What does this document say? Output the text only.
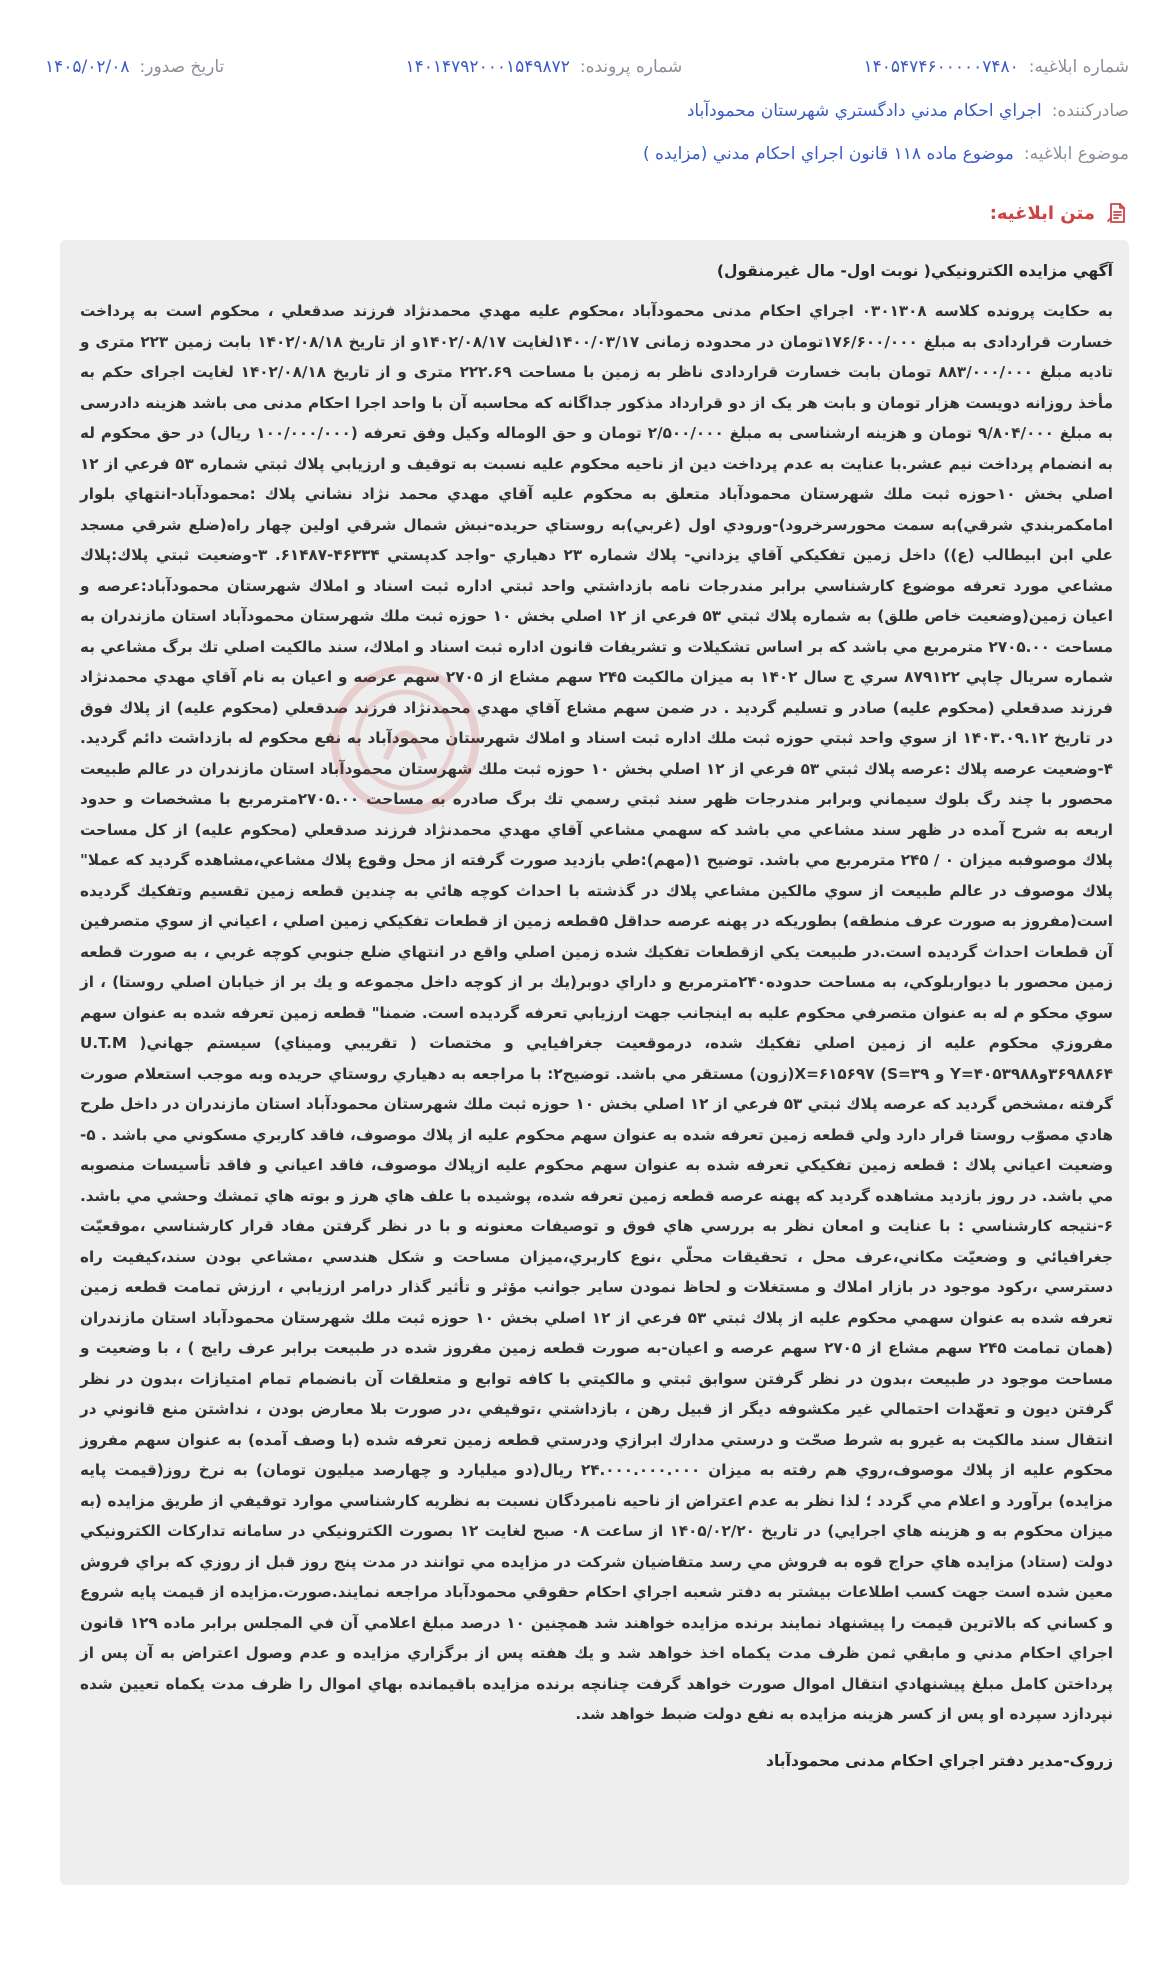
شماره ابلاغیه:
۱۴۰۵۴۷۴۶۰۰۰۰۰۷۴۸۰
شماره پرونده:
۱۴۰۱۴۷۹۲۰۰۰۱۵۴۹۸۷۲
تاریخ صدور:
۱۴۰۵/۰۲/۰۸
صادرکننده:
اجراي احكام مدني دادگستري شهرستان محمودآباد
موضوع ابلاغیه:
موضوع ماده ۱۱۸ قانون اجراي احكام مدني (مزايده )
متن ابلاغیه:
آگهي مزايده الكترونيكي( نوبت اول- مال غيرمنقول)

به حكايت پرونده كلاسه ۰۳۰۱۳۰۸ اجراي احكام مدنی محمودآباد ،محکوم علیه مهدي محمدنژاد فرزند صدقعلي ، محكوم است به پرداخت خسارت قراردادی به مبلغ ۱۷۶/۶۰۰/۰۰۰تومان در محدوده زمانی ۱۴۰۰/۰۳/۱۷لغایت ۱۴۰۲/۰۸/۱۷و از تاریخ ۱۴۰۲/۰۸/۱۸ بابت زمین ۲۲۳ متری و تادیه مبلغ ۸۸۳/۰۰۰/۰۰۰ تومان بابت خسارت قراردادی ناظر به زمین با مساحت ۲۲۲.۶۹ متری و از تاریخ ۱۴۰۲/۰۸/۱۸ لغایت اجرای حکم به مأخذ روزانه دویست هزار تومان و بابت هر یک از دو قرارداد مذکور جداگانه که محاسبه آن با واحد اجرا احکام مدنی می باشد هزینه دادرسی به مبلغ ۹/۸۰۴/۰۰۰ تومان و هزینه ارشناسی به مبلغ ۲/۵۰۰/۰۰۰ تومان و حق الوماله وکیل وفق تعرفه (۱۰۰/۰۰۰/۰۰۰ ریال) در حق محکوم له به انضمام پرداخت نیم عشر.با عنايت به عدم پرداخت دين از ناحيه محكوم عليه نسبت به توقيف و ارزيابي پلاك ثبتي شماره ۵۳ فرعي از ۱۲ اصلي بخش ۱۰حوزه ثبت ملك شهرستان محمودآباد متعلق به محكوم عليه آقاي مهدي محمد نژاد نشاني پلاك :محمودآباد-انتهاي بلوار امامكمربندي شرقي)به سمت محورسرخرود)-ورودي اول (غربي)به روستاي حريده-نبش شمال شرقي اولين چهار راه(ضلع شرقي مسجد علي ابن ابيطالب (ع)) داخل زمين تفكيكي آقاي يزداني- پلاك شماره ۲۳ دهياري -واجد كدپستي ۴۶۳۳۴-۶۱۴۸۷. ۳-وضعيت ثبتي پلاك:پلاك مشاعي مورد تعرفه موضوع كارشناسي برابر مندرجات نامه بازداشتي واحد ثبتي اداره ثبت اسناد و املاك شهرستان محمودآباد:عرصه و اعيان زمين(وضعيت خاص طلق) به شماره پلاك ثبتي ۵۳ فرعي از ۱۲ اصلي بخش ۱۰ حوزه ثبت ملك شهرستان محمودآباد استان مازندران به مساحت ۲۷۰۵.۰۰ مترمربع مي باشد كه بر اساس تشكيلات و تشريفات قانون اداره ثبت اسناد و املاك، سند مالكيت اصلي تك برگ مشاعي به شماره سريال چاپي ۸۷۹۱۲۲ سري ج سال ۱۴۰۲ به ميزان مالكيت ۲۴۵ سهم مشاع از ۲۷۰۵ سهم عرصه و اعيان به نام آقاي مهدي محمدنژاد فرزند صدقعلي (محكوم عليه) صادر و تسليم گرديد . در ضمن سهم مشاع آقاي مهدي محمدنژاد فرزند صدقعلي (محكوم عليه) از پلاك فوق در تاريخ ۱۴۰۳.۰۹.۱۲ از سوي واحد ثبتي حوزه ثبت ملك اداره ثبت اسناد و املاك شهرستان محمودآباد به نفع محكوم له بازداشت دائم گرديد. ۴-وضعيت عرصه پلاك :عرصه پلاك ثبتي ۵۳ فرعي از ۱۲ اصلي بخش ۱۰ حوزه ثبت ملك شهرستان محمودآباد استان مازندران در عالم طبيعت محصور با چند رگ بلوك سيماني وبرابر مندرجات ظهر سند ثبتي رسمي تك برگ صادره به مساحت ۲۷۰۵.۰۰مترمربع با مشخصات و حدود اربعه به شرح آمده در ظهر سند مشاعي مي باشد كه سهمي مشاعي آقاي مهدي محمدنژاد فرزند صدقعلي (محكوم عليه) از كل مساحت پلاك موصوفبه ميزان ۰ / ۲۴۵ مترمربع مي باشد. توضيح ۱(مهم):طي بازديد صورت گرفته از محل وقوع پلاك مشاعي،مشاهده گرديد كه عملا" پلاك موصوف در عالم طبيعت از سوي مالكين مشاعي پلاك در گذشته با احداث كوچه هائي به چندين قطعه زمين تقسيم وتفكيك گرديده است(مفروز به صورت عرف منطقه) بطوريكه در پهنه عرصه حداقل ۵قطعه زمين از قطعات تفكيكي زمين اصلي ، اعياني از سوي متصرفين آن قطعات احداث گرديده است.در طبيعت يكي ازقطعات تفكيك شده زمين اصلي واقع در انتهاي ضلع جنوبي كوچه غربي ، به صورت قطعه زمين محصور با ديواربلوكي، به مساحت حدوده۲۴۰مترمربع و داراي دوبر(يك بر از كوچه داخل مجموعه و يك بر از خيابان اصلي روستا) ، از سوي محكو م له به عنوان متصرفي محكوم عليه به اينجانب جهت ارزيابي تعرفه گرديده است. ضمنا" قطعه زمين تعرفه شده به عنوان سهم مفروزي محكوم عليه از زمين اصلي تفكيك شده، درموقعيت جغرافيايي و مختصات ( تقريبي وميناي) سيستم جهاني( U.T.M ۳۶۹۸۸۶۴و۴۰۵۳۹۸۸=Y و ۳۹=S) X=۶۱۵۶۹۷(زون) مستقر مي باشد. توضيح۲: با مراجعه به دهياري روستاي حريده وبه موجب استعلام صورت گرفته ،مشخص گرديد كه عرصه پلاك ثبتي ۵۳ فرعي از ۱۲ اصلي بخش ۱۰ حوزه ثبت ملك شهرستان محمودآباد استان مازندران در داخل طرح هادي مصوّب روستا قرار دارد ولي قطعه زمين تعرفه شده به عنوان سهم محكوم عليه از پلاك موصوف، فاقد كاربري مسكوني مي باشد . ۵- وضعيت اعياني پلاك : قطعه زمين تفكيكي تعرفه شده به عنوان سهم محكوم عليه ازپلاك موصوف، فاقد اعياني و فاقد تأسيسات منصوبه مي باشد. در روز بازديد مشاهده گرديد كه پهنه عرصه قطعه زمين تعرفه شده، پوشيده با علف هاي هرز و بوته هاي تمشك وحشي مي باشد. ۶-نتيجه كارشناسي : با عنايت و امعان نظر به بررسي هاي فوق و توصيفات معنونه و با در نظر گرفتن مفاد قرار كارشناسي ،موقعيّت جغرافيائي و وضعيّت مكاني،عرف محل ، تحقيقات محلّي ،نوع كاربري،ميزان مساحت و شكل هندسي ،مشاعي بودن سند،كيفيت راه دسترسي ،ركود موجود در بازار املاك و مستغلات و لحاظ نمودن ساير جوانب مؤثر و تأثير گذار درامر ارزيابي ، ارزش تمامت قطعه زمين تعرفه شده به عنوان سهمي محكوم عليه از پلاك ثبتي ۵۳ فرعي از ۱۲ اصلي بخش ۱۰ حوزه ثبت ملك شهرستان محمودآباد استان مازندران (همان تمامت ۲۴۵ سهم مشاع از ۲۷۰۵ سهم عرصه و اعيان-به صورت قطعه زمين مفروز شده در طبيعت برابر عرف رايج ) ، با وضعيت و مساحت موجود در طبيعت ،بدون در نظر گرفتن سوابق ثبتي و مالكيتي با كافه توابع و متعلقات آن بانضمام تمام امتيازات ،بدون در نظر گرفتن ديون و تعهّدات احتمالي غير مكشوفه ديگر از قبيل رهن ، بازداشتي ،توقيفي ،در صورت بلا معارض بودن ، نداشتن منع قانوني در انتقال سند مالكيت به غيرو به شرط صحّت و درستي مدارك ابرازي ودرستي قطعه زمين تعرفه شده (با وصف آمده) به عنوان سهم مفروز محكوم عليه از پلاك موصوف،روي هم رفته به ميزان ۲۴.۰۰۰.۰۰۰.۰۰۰ ريال(دو ميليارد و چهارصد ميليون تومان) به نرخ روز(قيمت پايه مزايده) برآورد و اعلام مي گردد ؛ لذا نظر به عدم اعتراض از ناحيه نامبردگان نسبت به نظريه كارشناسي موارد توقيفي از طريق مزايده (به ميزان محكوم به و هزينه هاي اجرايي) در تاريخ ۱۴۰۵/۰۲/۲۰ از ساعت ۰۸ صبح لغايت ۱۲ بصورت الكترونيكي در سامانه تداركات الكترونيكي دولت (ستاد) مزايده هاي حراج قوه به فروش مي رسد متقاضيان شركت در مزايده مي توانند در مدت پنج روز قبل از روزي كه براي فروش معين شده است جهت كسب اطلاعات بيشتر به دفتر شعبه اجراي احكام حقوقي محمودآباد مراجعه نمايند.صورت.مزايده از قيمت پايه شروع و كساني كه بالاترين قيمت را پيشنهاد نمايند برنده مزايده خواهند شد همچنين ۱۰ درصد مبلغ اعلامي آن في المجلس برابر ماده ۱۲۹ قانون اجراي احكام مدني و مابقي ثمن ظرف مدت يكماه اخذ خواهد شد و يك هفته پس از برگزاري مزايده و عدم وصول اعتراض به آن پس از پرداختن كامل مبلغ پيشنهادي انتقال اموال صورت خواهد گرفت چنانچه برنده مزايده باقيمانده بهاي اموال را ظرف مدت يكماه تعيين شده نپردازد سپرده او پس از كسر هزينه مزايده به نفع دولت ضبط خواهد شد.

زروک-مدير دفتر اجراي احكام مدنی محمودآباد
